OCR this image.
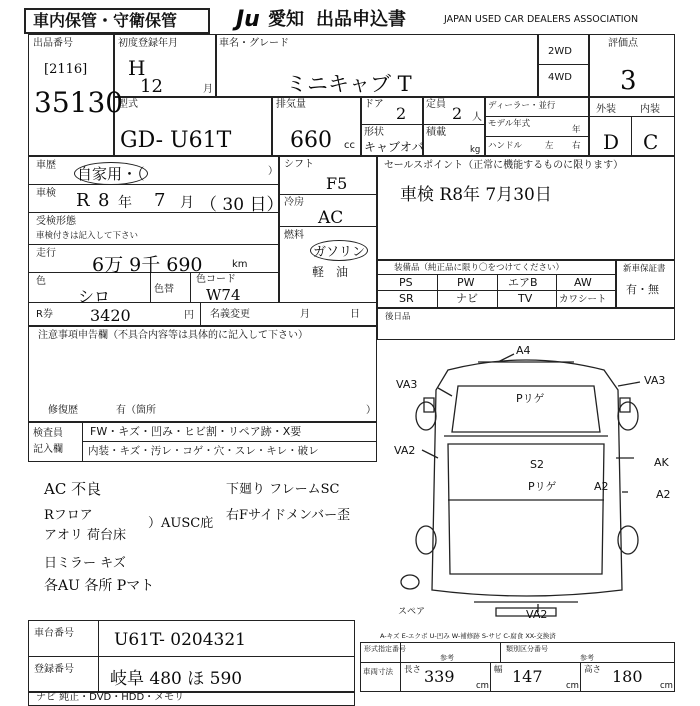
車内保管・守衛保管	Ju 愛知 出品申込書	JAPAN USED CAR DEALERS ASSOCIATION
出品番号
[2116]
35130
初度登録年月
H
12	月
車名・グレード
ミニキャブ T
2WD
4WD
評価点
3
外装 内装
D C
型式
GD- U61T
排気量
660 cc
ドア 2 定員 2 人
ディーラー・並行
モデル年式
年
形状
キャブオバ
積載
kg ハンドル	左 右
車歴 自家用・（	）
車検 R 8 年 7 月 （ 30 日）
受検形態
車検付きは記入して下さい
走行
6万 9千 690	km
色
シロ	色替
色コード
W74
R券 3420	円 名義変更	月	日
シフト
F5
冷房
AC
燃料
ガソリン
軽　油
セールスポイント（正常に機能するものに限ります）
車検 R8年 7月30日
装備品（純正品に限り〇をつけてください）
PS	PW	エアB	AW
SR	ナビ	TV	カワシート
新車保証書
有・無
注意事項申告欄（不具合内容等は具体的に記入して下さい）
修復歴	有（箇所	）
後日品
検査員
記入欄
FW・キズ・凹み・ヒビ割・リペア跡・X要
内装・キズ・汚レ・コゲ・穴・スレ・キレ・破レ
AC 不良
Rフロア
アオリ 荷台床
）AUSC庇
日ミラー キズ
各AU 各所 Pマト
下廻り フレームSC
右Fサイドメンバー歪
A4
VA3	VA3
Pリゲ
VA2
S2
Pリゲ
AK
A2
A2
VA2
スペア
A-キズ E-エクボ U-凹み W-補修跡 S-サビ C-腐食 XX-交換済
車台番号 U61T- 0204321
登録番号 岐阜 480 ほ 590
形式指定番号
参考
類別区分番号
参考
車両寸法 長さ 339	cm
幅 147	cm
高さ 180 cm
ナビ 純正・DVD・HDD・メモリ
